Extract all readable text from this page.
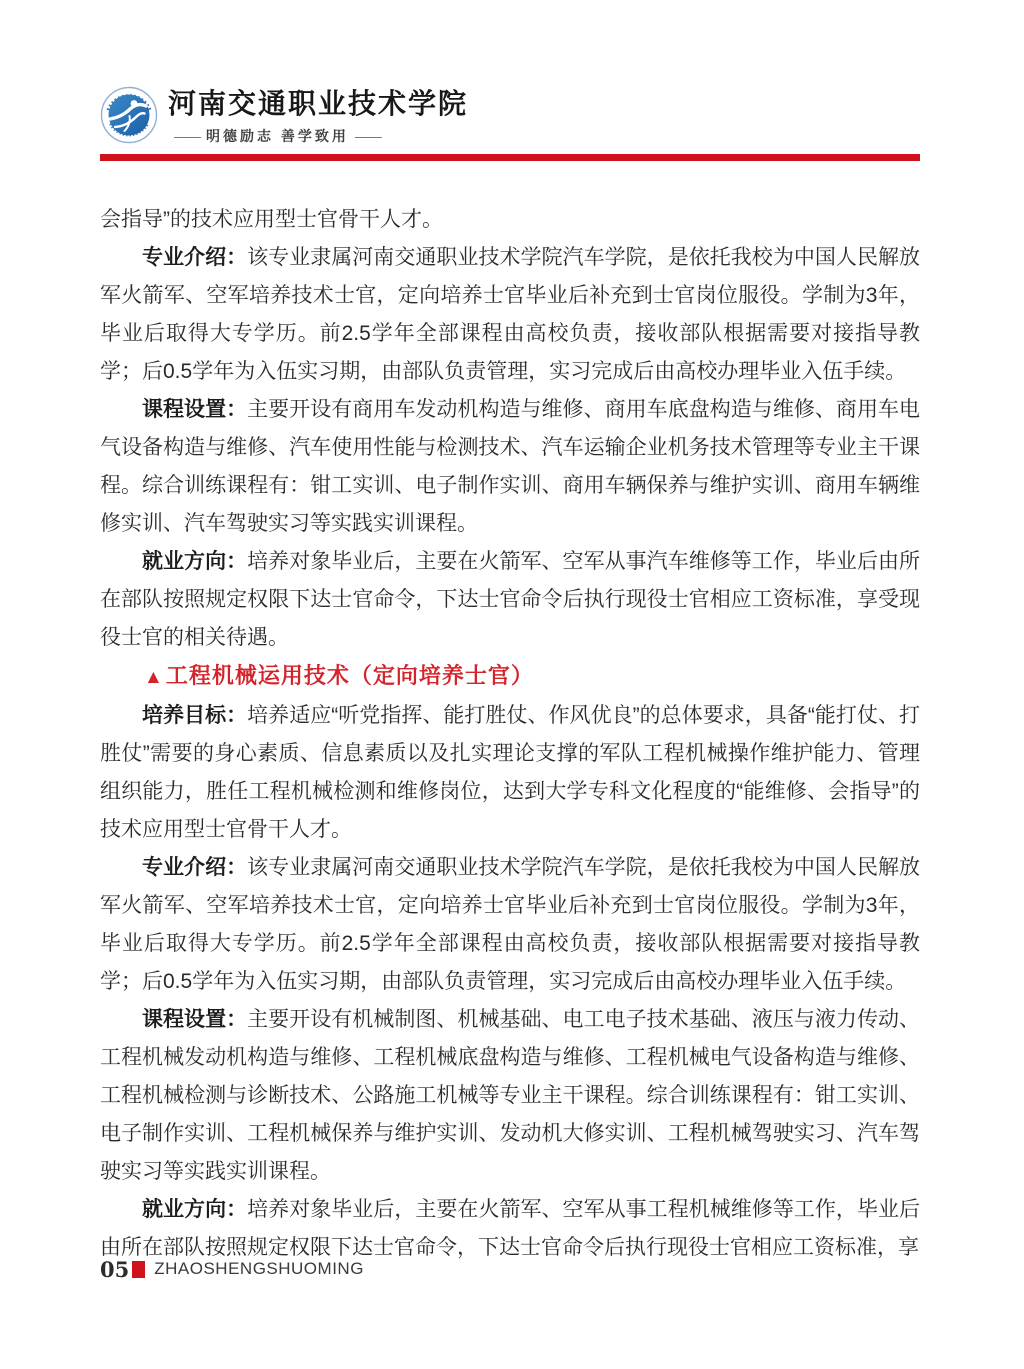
河南交通职业技术学院
—— 明德励志 善学致用 ——

会指导”的技术应用型士官骨干人才。

专业介绍：该专业隶属河南交通职业技术学院汽车学院，是依托我校为中国人民解放军火箭军、空军培养技术士官，定向培养士官毕业后补充到士官岗位服役。学制为3年，毕业后取得大专学历。前2.5学年全部课程由高校负责，接收部队根据需要对接指导教学；后0.5学年为入伍实习期，由部队负责管理，实习完成后由高校办理毕业入伍手续。

课程设置：主要开设有商用车发动机构造与维修、商用车底盘构造与维修、商用车电气设备构造与维修、汽车使用性能与检测技术、汽车运输企业机务技术管理等专业主干课程。综合训练课程有：钳工实训、电子制作实训、商用车辆保养与维护实训、商用车辆维修实训、汽车驾驶实习等实践实训课程。

就业方向：培养对象毕业后，主要在火箭军、空军从事汽车维修等工作，毕业后由所在部队按照规定权限下达士官命令，下达士官命令后执行现役士官相应工资标准，享受现役士官的相关待遇。

▲工程机械运用技术（定向培养士官）

培养目标：培养适应“听党指挥、能打胜仗、作风优良”的总体要求，具备“能打仗、打胜仗”需要的身心素质、信息素质以及扎实理论支撑的军队工程机械操作维护能力、管理组织能力，胜任工程机械检测和维修岗位，达到大学专科文化程度的“能维修、会指导”的技术应用型士官骨干人才。

专业介绍：该专业隶属河南交通职业技术学院汽车学院，是依托我校为中国人民解放军火箭军、空军培养技术士官，定向培养士官毕业后补充到士官岗位服役。学制为3年，毕业后取得大专学历。前2.5学年全部课程由高校负责，接收部队根据需要对接指导教学；后0.5学年为入伍实习期，由部队负责管理，实习完成后由高校办理毕业入伍手续。

课程设置：主要开设有机械制图、机械基础、电工电子技术基础、液压与液力传动、工程机械发动机构造与维修、工程机械底盘构造与维修、工程机械电气设备构造与维修、工程机械检测与诊断技术、公路施工机械等专业主干课程。综合训练课程有：钳工实训、电子制作实训、工程机械保养与维护实训、发动机大修实训、工程机械驾驶实习、汽车驾驶实习等实践实训课程。

就业方向：培养对象毕业后，主要在火箭军、空军从事工程机械维修等工作，毕业后由所在部队按照规定权限下达士官命令，下达士官命令后执行现役士官相应工资标准，享

05 ZHAOSHENGSHUOMING
